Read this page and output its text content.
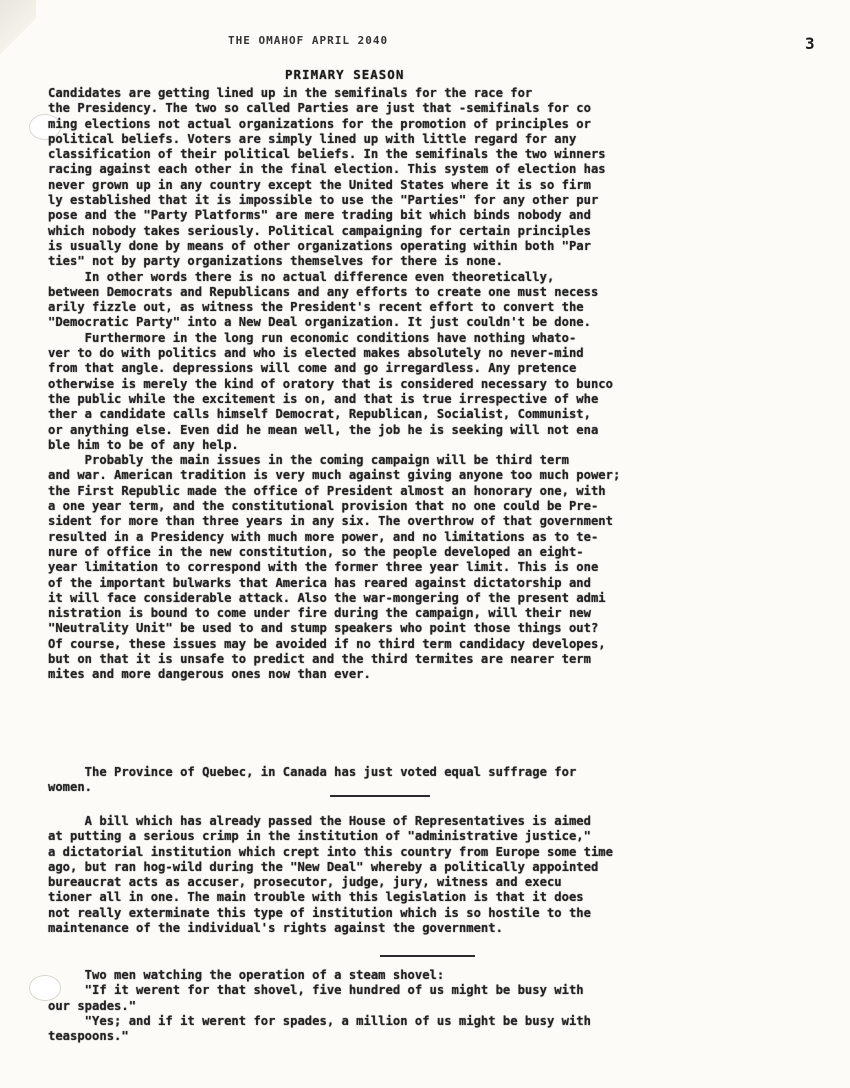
THE OMAHOF APRIL 2040	3
PRIMARY SEASON
Candidates are getting lined up in the semifinals for the race for
the Presidency. The two so called Parties are just that -semifinals for co
ming elections not actual organizations for the promotion of principles or
political beliefs. Voters are simply lined up with little regard for any
classification of their political beliefs. In the semifinals the two winners
racing against each other in the final election. This system of election has
never grown up in any country except the United States where it is so firm
ly established that it is impossible to use the "Parties" for any other pur
pose and the "Party Platforms" are mere trading bit which binds nobody and
which nobody takes seriously. Political campaigning for certain principles
is usually done by means of other organizations operating within both "Par
ties" not by party organizations themselves for there is none.
In other words there is no actual difference even theoretically,
between Democrats and Republicans and any efforts to create one must necess
arily fizzle out, as witness the President's recent effort to convert the
"Democratic Party" into a New Deal organization. It just couldn't be done.
Furthermore in the long run economic conditions have nothing whato-
ver to do with politics and who is elected makes absolutely no never-mind
from that angle. depressions will come and go irregardless. Any pretence
otherwise is merely the kind of oratory that is considered necessary to bunco
the public while the excitement is on, and that is true irrespective of whe
ther a candidate calls himself Democrat, Republican, Socialist, Communist,
or anything else. Even did he mean well, the job he is seeking will not ena
ble him to be of any help.
Probably the main issues in the coming campaign will be third term
and war. American tradition is very much against giving anyone too much power;
the First Republic made the office of President almost an honorary one, with
a one year term, and the constitutional provision that no one could be Pre-
sident for more than three years in any six. The overthrow of that government
resulted in a Presidency with much more power, and no limitations as to te-
nure of office in the new constitution, so the people developed an eight-
year limitation to correspond with the former three year limit. This is one
of the important bulwarks that America has reared against dictatorship and
it will face considerable attack. Also the war-mongering of the present admi
nistration is bound to come under fire during the campaign, will their new
"Neutrality Unit" be used to and stump speakers who point those things out?
Of course, these issues may be avoided if no third term candidacy developes,
but on that it is unsafe to predict and the third termites are nearer term
mites and more dangerous ones now than ever.
The Province of Quebec, in Canada has just voted equal suffrage for
women.
A bill which has already passed the House of Representatives is aimed
at putting a serious crimp in the institution of "administrative justice,"
a dictatorial institution which crept into this country from Europe some time
ago, but ran hog-wild during the "New Deal" whereby a politically appointed
bureaucrat acts as accuser, prosecutor, judge, jury, witness and execu
tioner all in one. The main trouble with this legislation is that it does
not really exterminate this type of institution which is so hostile to the
maintenance of the individual's rights against the government.
Two men watching the operation of a steam shovel:
"If it werent for that shovel, five hundred of us might be busy with
our spades."
"Yes; and if it werent for spades, a million of us might be busy with
teaspoons."
